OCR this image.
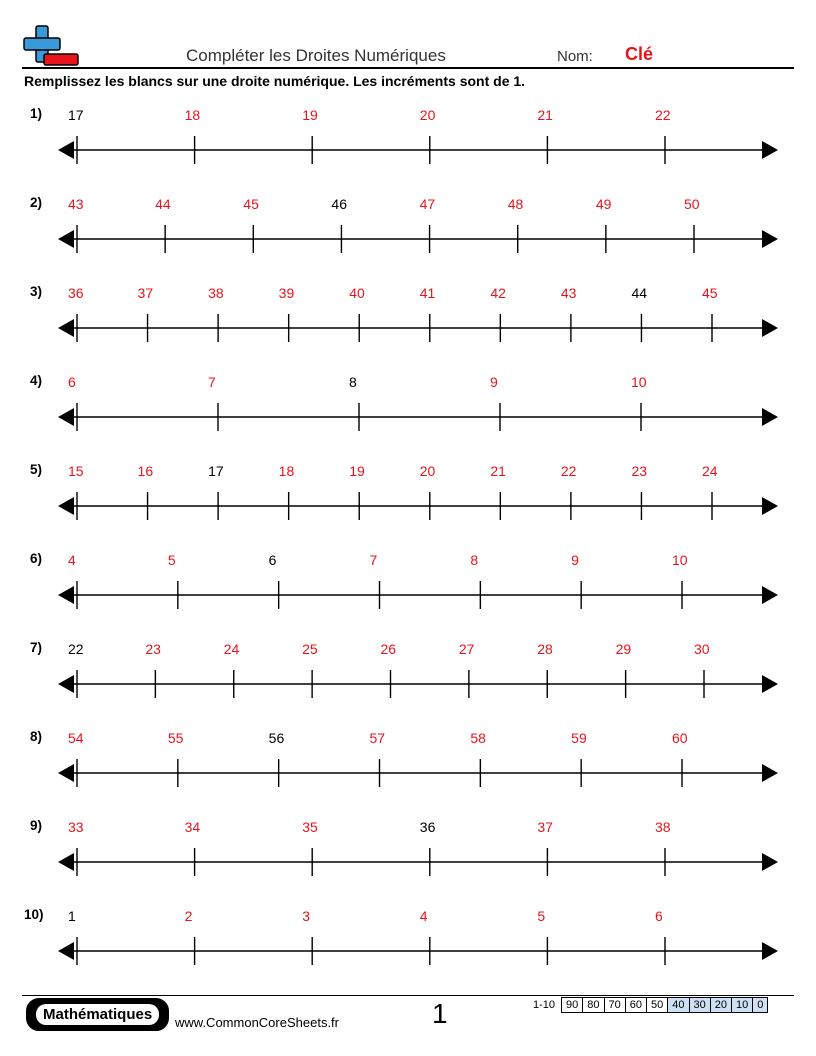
Compléter les Droites Numériques	Nom: Clé
Remplissez les blancs sur une droite numérique. Les incréments sont de 1.
1) 17	18	19	20	21	22
2) 43	44	45	46	47	48	49	50
3) 36	37	38	39	40	41	42	43	44	45
4) 6	7	8	9	10
5) 15	16	17	18	19	20	21	22	23	24
6) 4	5	6	7	8	9	10
7) 22	23	24	25	26	27	28	29	30
8) 54	55	56	57	58	59	60
9) 33	34	35	36	37	38
10) 1	2	3	4	5	6
Mathématiques	www.CommonCoreSheets.fr	1	1-10	90 80 70 60 50 40 30 20 10 0
